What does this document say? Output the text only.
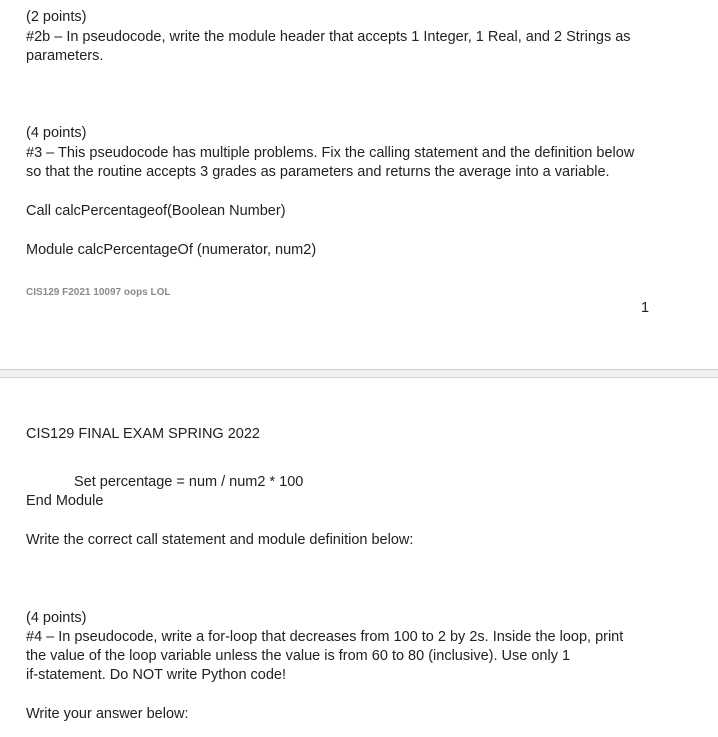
(2 points)

#2b – In pseudocode, write the module header that accepts 1 Integer, 1 Real, and 2 Strings as

parameters.

(4 points)

#3 – This pseudocode has multiple problems. Fix the calling statement and the definition below

so that the routine accepts 3 grades as parameters and returns the average into a variable.

Call calcPercentageof(Boolean Number)

Module calcPercentageOf (numerator, num2)

CIS129 F2021 10097 oops LOL
1

CIS129 FINAL EXAM SPRING 2022

Set percentage = num / num2 * 100

End Module

Write the correct call statement and module definition below:

(4 points)

#4 – In pseudocode, write a for-loop that decreases from 100 to 2 by 2s. Inside the loop, print

the value of the loop variable unless the value is from 60 to 80 (inclusive). Use only 1

if-statement. Do NOT write Python code!

Write your answer below:
